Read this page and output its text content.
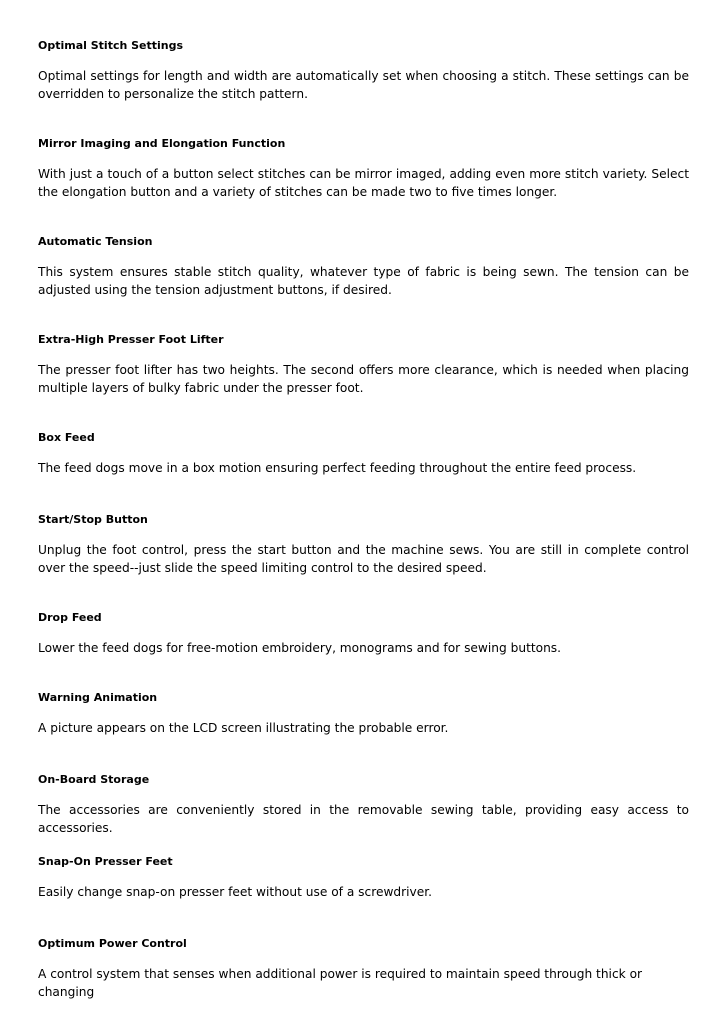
Optimal Stitch Settings

Optimal settings for length and width are automatically set when choosing a stitch. These settings can be overridden to personalize the stitch pattern.

Mirror Imaging and Elongation Function

With just a touch of a button select stitches can be mirror imaged, adding even more stitch variety. Select the elongation button and a variety of stitches can be made two to five times longer.

Automatic Tension

This system ensures stable stitch quality, whatever type of fabric is being sewn. The tension can be adjusted using the tension adjustment buttons, if desired.

Extra-High Presser Foot Lifter

The presser foot lifter has two heights. The second offers more clearance, which is needed when placing multiple layers of bulky fabric under the presser foot.

Box Feed

The feed dogs move in a box motion ensuring perfect feeding throughout the entire feed process.

Start/Stop Button

Unplug the foot control, press the start button and the machine sews. You are still in complete control over the speed--just slide the speed limiting control to the desired speed.

Drop Feed

Lower the feed dogs for free-motion embroidery, monograms and for sewing buttons.

Warning Animation

A picture appears on the LCD screen illustrating the probable error.

On-Board Storage

The accessories are conveniently stored in the removable sewing table, providing easy access to accessories.

Snap-On Presser Feet

Easily change snap-on presser feet without use of a screwdriver.

Optimum Power Control

A control system that senses when additional power is required to maintain speed through thick or changing
